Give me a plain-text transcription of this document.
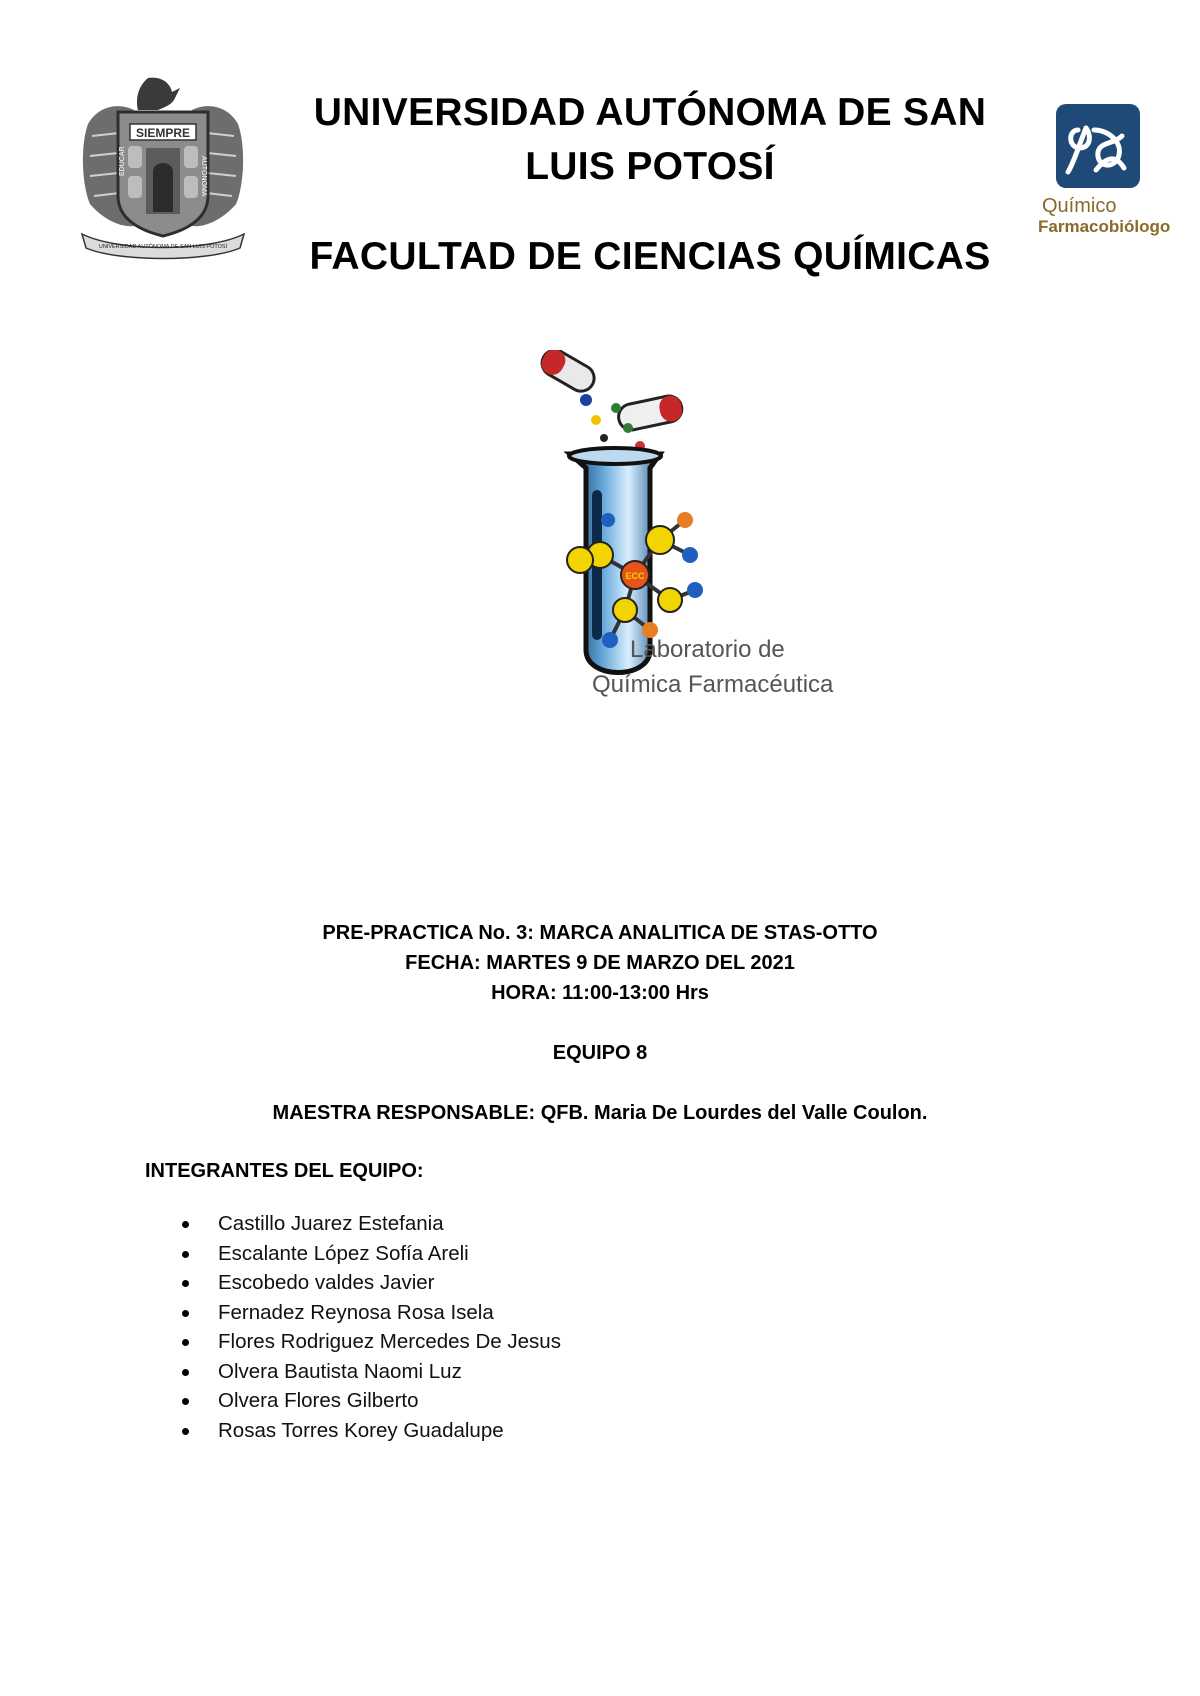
SIEMPRE
EDUCAR	AUTÓNOMA
UNIVERSIDAD AUTÓNOMA DE SAN LUIS POTOSÍ
UNIVERSIDAD AUTÓNOMA DE SAN
LUIS POTOSÍ
FACULTAD DE CIENCIAS QUÍMICAS
Químico
Farmacobiólogo
ECC
Laboratorio de
Química Farmacéutica
PRE-PRACTICA No. 3: MARCA ANALITICA DE STAS-OTTO
FECHA: MARTES 9 DE MARZO DEL 2021
HORA: 11:00-13:00 Hrs
EQUIPO 8
MAESTRA RESPONSABLE: QFB. Maria De Lourdes del Valle Coulon.
INTEGRANTES DEL EQUIPO:
Castillo Juarez Estefania
Escalante López Sofía Areli
Escobedo valdes Javier
Fernadez Reynosa Rosa Isela
Flores Rodriguez Mercedes De Jesus
Olvera Bautista Naomi Luz
Olvera Flores Gilberto
Rosas Torres Korey Guadalupe
